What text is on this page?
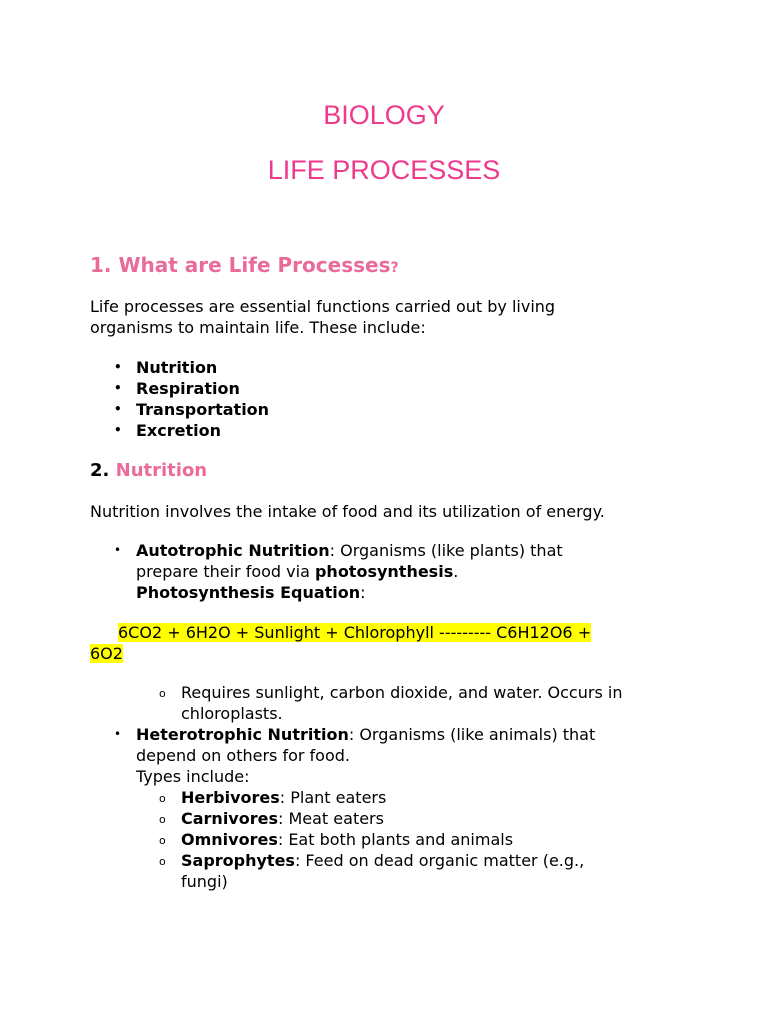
BIOLOGY
LIFE PROCESSES
1. What are Life Processes?
Life processes are essential functions carried out by living
organisms to maintain life. These include:
• Nutrition
• Respiration
• Transportation
• Excretion
2. Nutrition
Nutrition involves the intake of food and its utilization of energy.
• Autotrophic Nutrition: Organisms (like plants) that
prepare their food via photosynthesis.
Photosynthesis Equation:
6CO2 + 6H2O + Sunlight + Chlorophyll --------- C6H12O6 +
6O2
o Requires sunlight, carbon dioxide, and water. Occurs in
chloroplasts.
• Heterotrophic Nutrition: Organisms (like animals) that
depend on others for food.
Types include:
o Herbivores: Plant eaters
o Carnivores: Meat eaters
o Omnivores: Eat both plants and animals
o Saprophytes: Feed on dead organic matter (e.g.,
fungi)
